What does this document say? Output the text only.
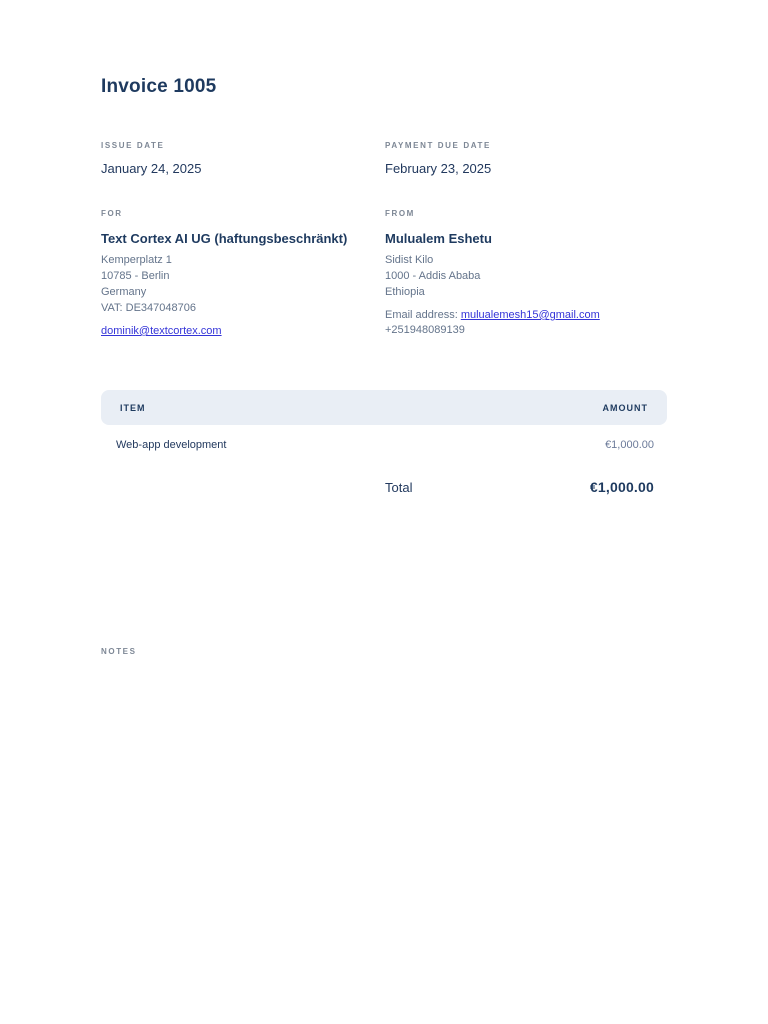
Invoice 1005
ISSUE DATE
January 24, 2025
PAYMENT DUE DATE
February 23, 2025
FOR
Text Cortex AI UG (haftungsbeschränkt)
Kemperplatz 1
10785 - Berlin
Germany
VAT: DE347048706
dominik@textcortex.com
FROM
Mulualem Eshetu
Sidist Kilo
1000 - Addis Ababa
Ethiopia
Email address: mulualemesh15@gmail.com
+251948089139
ITEM	AMOUNT
Web-app development	€1,000.00
Total	€1,000.00
NOTES
